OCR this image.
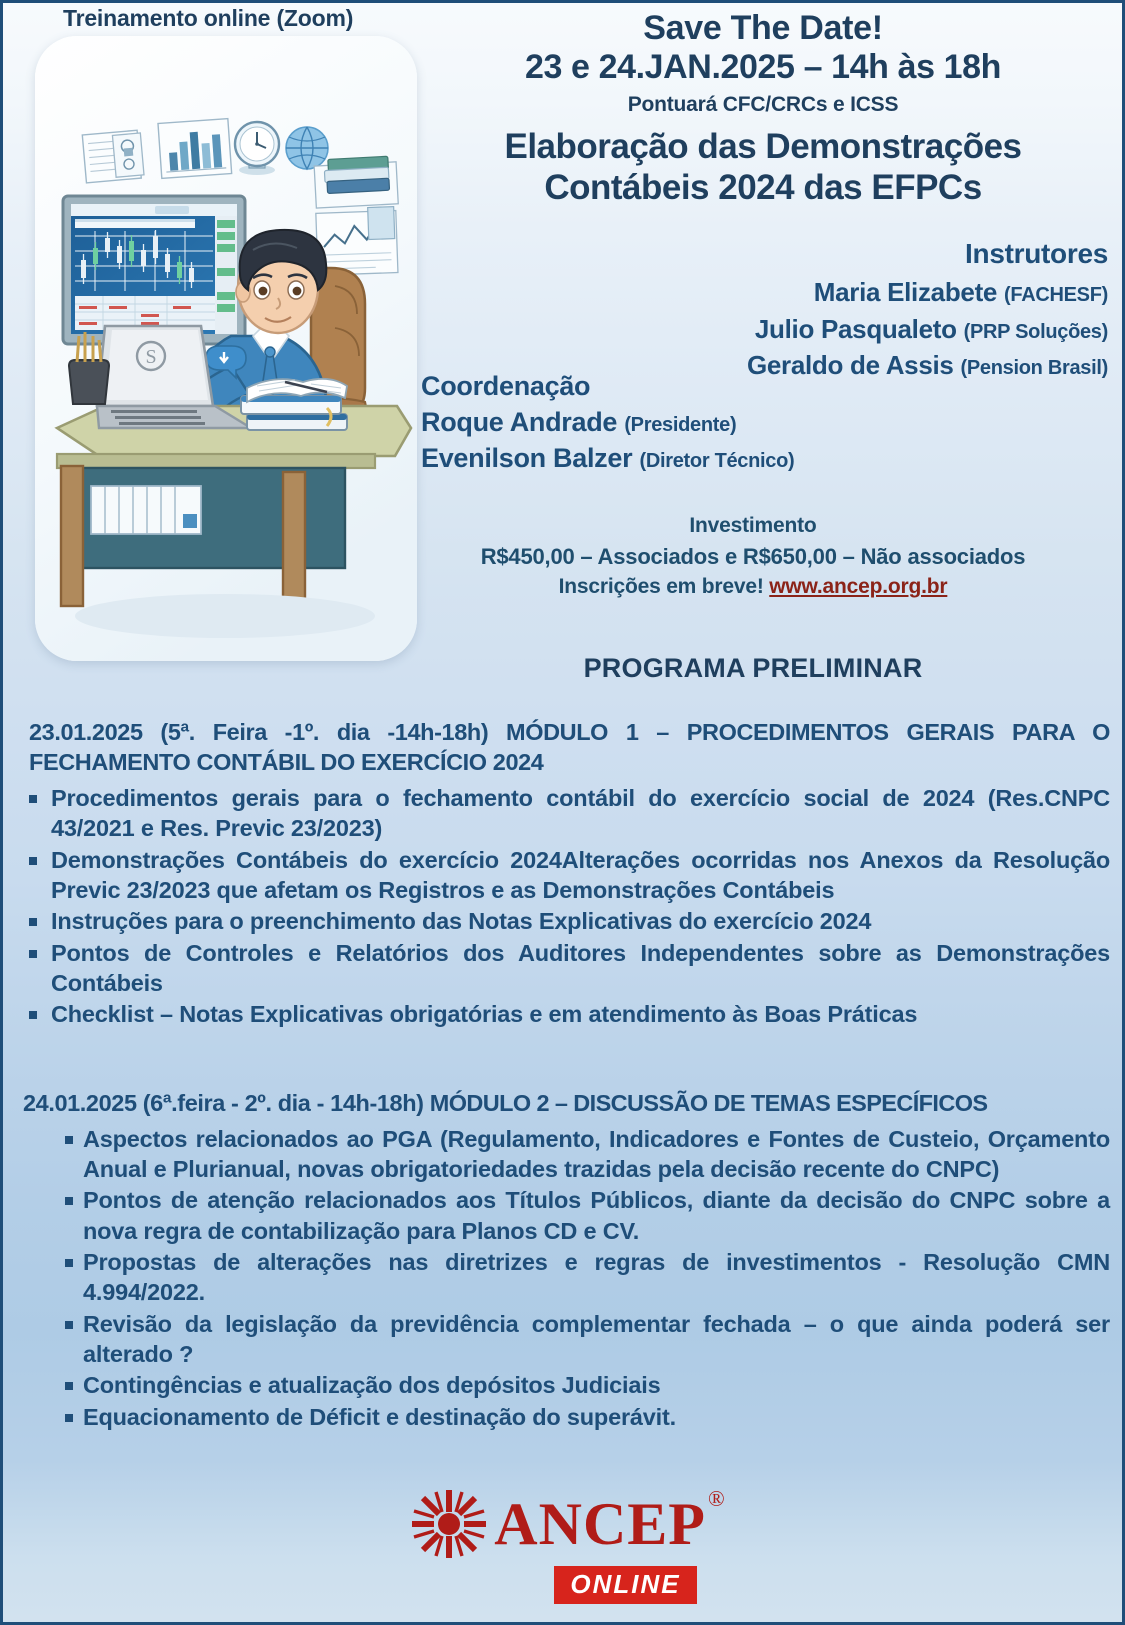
Treinamento online (Zoom)
S
Save The Date!
23 e 24.JAN.2025 – 14h às 18h
Pontuará CFC/CRCs e ICSS
Elaboração das Demonstrações
Contábeis 2024 das EFPCs
Instrutores
Maria Elizabete (FACHESF)
Julio Pasqualeto (PRP Soluções)
Geraldo de Assis (Pension Brasil)
Coordenação
Roque Andrade (Presidente)
Evenilson Balzer (Diretor Técnico)
Investimento
R$450,00 – Associados e R$650,00 – Não associados
Inscrições em breve! www.ancep.org.br
PROGRAMA PRELIMINAR
23.01.2025 (5ª. Feira -1º. dia -14h-18h) MÓDULO 1 – PROCEDIMENTOS GERAIS PARA O FECHAMENTO CONTÁBIL DO EXERCÍCIO 2024
Procedimentos gerais para o fechamento contábil do exercício social de 2024 (Res.CNPC 43/2021 e Res. Previc 23/2023)
Demonstrações Contábeis do exercício 2024Alterações ocorridas nos Anexos da Resolução Previc 23/2023 que afetam os Registros e as Demonstrações Contábeis
Instruções para o preenchimento das Notas Explicativas do exercício 2024
Pontos de Controles e Relatórios dos Auditores Independentes sobre as Demonstrações Contábeis
Checklist – Notas Explicativas obrigatórias e em atendimento às Boas Práticas
24.01.2025 (6ª.feira - 2º. dia - 14h-18h) MÓDULO 2 – DISCUSSÃO DE TEMAS ESPECÍFICOS
Aspectos relacionados ao PGA (Regulamento, Indicadores e Fontes de Custeio, Orçamento Anual e Plurianual, novas obrigatoriedades trazidas pela decisão recente do CNPC)
Pontos de atenção relacionados aos Títulos Públicos, diante da decisão do CNPC sobre a nova regra de contabilização para Planos CD e CV.
Propostas de alterações nas diretrizes e regras de investimentos - Resolução CMN 4.994/2022.
Revisão da legislação da previdência complementar fechada – o que ainda poderá ser alterado ?
Contingências e atualização dos depósitos Judiciais
Equacionamento de Déficit e destinação do superávit.
ANCEP ®
ONLINE
